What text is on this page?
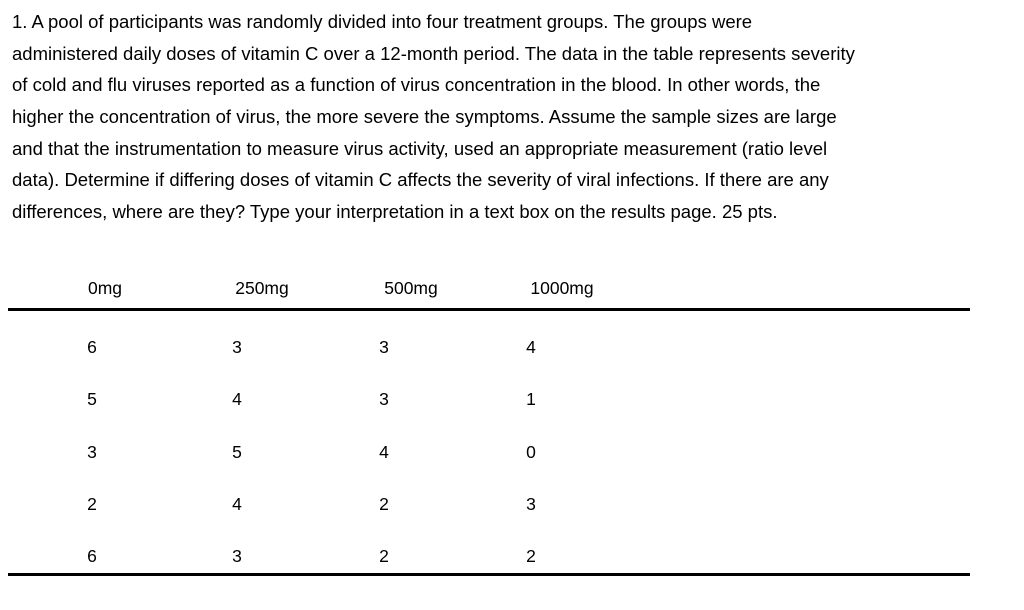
1. A pool of participants was randomly divided into four treatment groups. The groups were
administered daily doses of vitamin C over a 12-month period. The data in the table represents severity
of cold and flu viruses reported as a function of virus concentration in the blood. In other words, the
higher the concentration of virus, the more severe the symptoms. Assume the sample sizes are large
and that the instrumentation to measure virus activity, used an appropriate measurement (ratio level
data). Determine if differing doses of vitamin C affects the severity of viral infections. If there are any
differences, where are they? Type your interpretation in a text box on the results page. 25 pts.
0mg	250mg	500mg	1000mg
6	3	3	4
5	4	3	1
3	5	4	0
2	4	2	3
6	3	2	2
